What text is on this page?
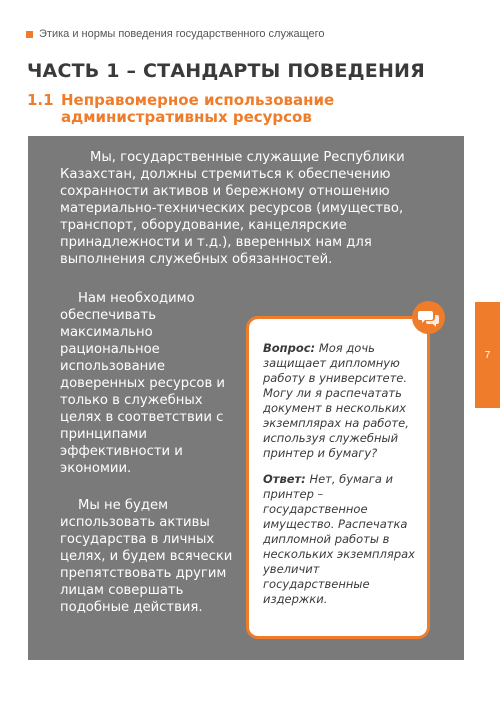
Этика и нормы поведения государственного служащего
ЧАСТЬ 1 – СТАНДАРТЫ ПОВЕДЕНИЯ
1.1 Неправомерное использование
административных ресурсов

Мы, государственные служащие Республики Казахстан, должны стремиться к обеспечению сохранности активов и бережному отношению материально-технических ресурсов (имущество, транспорт, оборудование, канцелярские принадлежности и т.д.), вверенных нам для выполнения служебных обязанностей.

Нам необходимо обеспечивать максимально рациональное использование доверенных ресурсов и только в служебных целях в соответствии с принципами эффективности и экономии.

Мы не будем использовать активы государства в личных целях, и будем всячески препятствовать другим лицам совершать подобные действия.

Вопрос: Моя дочь защищает дипломную работу в университете. Могу ли я распечатать документ в нескольких экземплярах на работе, используя служебный принтер и бумагу?

Ответ: Нет, бумага и принтер – государственное имущество. Распечатка дипломной работы в нескольких экземплярах увеличит государственные издержки.

7
